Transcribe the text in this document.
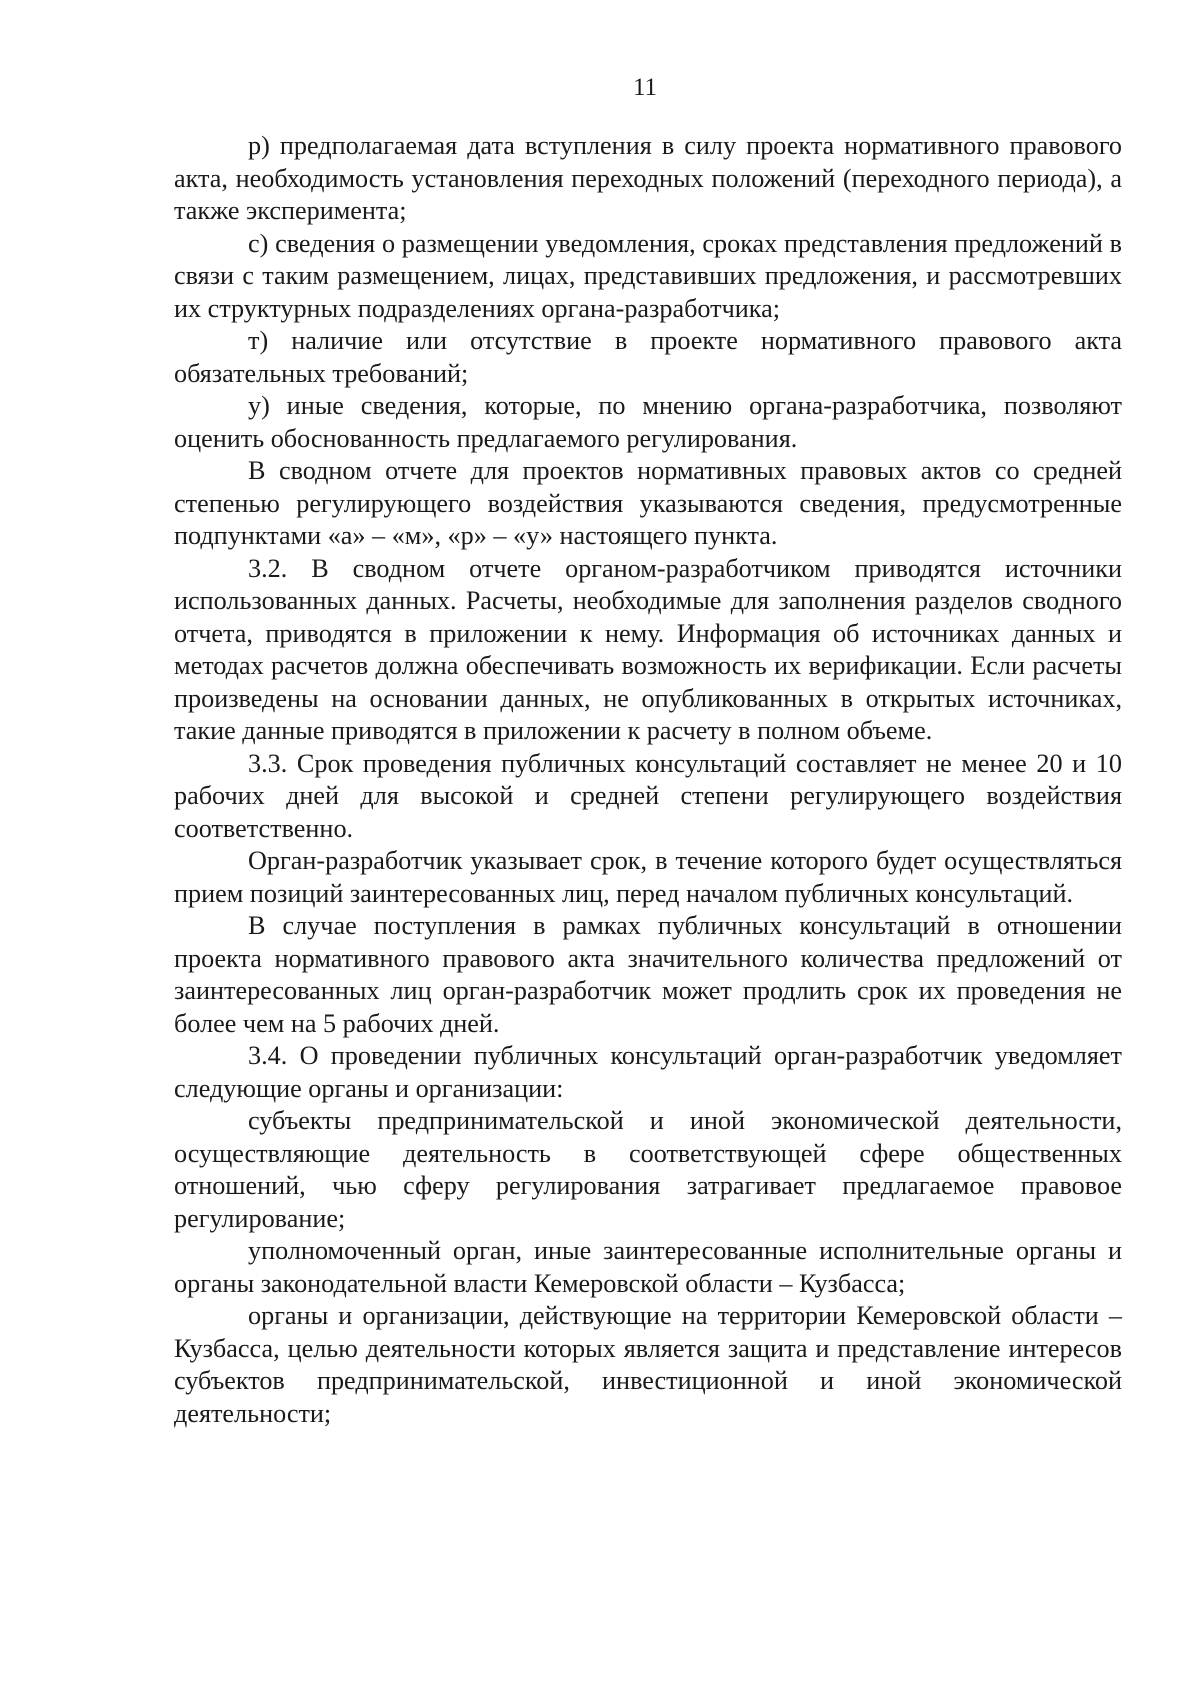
11

р) предполагаемая дата вступления в силу проекта нормативного правового акта, необходимость установления переходных положений (переходного периода), а также эксперимента;

с) сведения о размещении уведомления, сроках представления предложений в связи с таким размещением, лицах, представивших предложения, и рассмотревших их структурных подразделениях органа-разработчика;

т) наличие или отсутствие в проекте нормативного правового акта обязательных требований;

у) иные сведения, которые, по мнению органа-разработчика, позволяют оценить обоснованность предлагаемого регулирования.

В сводном отчете для проектов нормативных правовых актов со средней степенью регулирующего воздействия указываются сведения, предусмотренные подпунктами «а» – «м», «р» – «у» настоящего пункта.

3.2. В сводном отчете органом-разработчиком приводятся источники использованных данных. Расчеты, необходимые для заполнения разделов сводного отчета, приводятся в приложении к нему. Информация об источниках данных и методах расчетов должна обеспечивать возможность их верификации. Если расчеты произведены на основании данных, не опубликованных в открытых источниках, такие данные приводятся в приложении к расчету в полном объеме.

3.3. Срок проведения публичных консультаций составляет не менее 20 и 10 рабочих дней для высокой и средней степени регулирующего воздействия соответственно.

Орган-разработчик указывает срок, в течение которого будет осуществляться прием позиций заинтересованных лиц, перед началом публичных консультаций.

В случае поступления в рамках публичных консультаций в отношении проекта нормативного правового акта значительного количества предложений от заинтересованных лиц орган-разработчик может продлить срок их проведения не более чем на 5 рабочих дней.

3.4. О проведении публичных консультаций орган-разработчик уведомляет следующие органы и организации:

субъекты предпринимательской и иной экономической деятельности, осуществляющие деятельность в соответствующей сфере общественных отношений, чью сферу регулирования затрагивает предлагаемое правовое регулирование;

уполномоченный орган, иные заинтересованные исполнительные органы и органы законодательной власти Кемеровской области – Кузбасса;

органы и организации, действующие на территории Кемеровской области – Кузбасса, целью деятельности которых является защита и представление интересов субъектов предпринимательской, инвестиционной и иной экономической деятельности;
